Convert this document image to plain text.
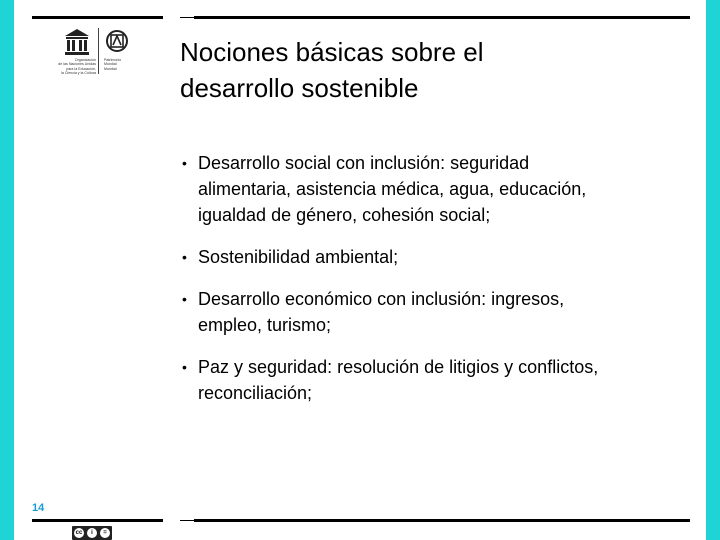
Organización
de las Naciones Unidas
para la Educación,
la Ciencia y la Cultura
Patrimonio
Mundial
Mundial
Nociones básicas sobre el
desarrollo sostenible
• Desarrollo social con inclusión: seguridad
alimentaria, asistencia médica, agua, educación,
igualdad de género, cohesión social;
• Sostenibilidad ambiental;
• Desarrollo económico con inclusión: ingresos,
empleo, turismo;
• Paz y seguridad: resolución de litigios y conflictos,
reconciliación;
14
cc	i	=
